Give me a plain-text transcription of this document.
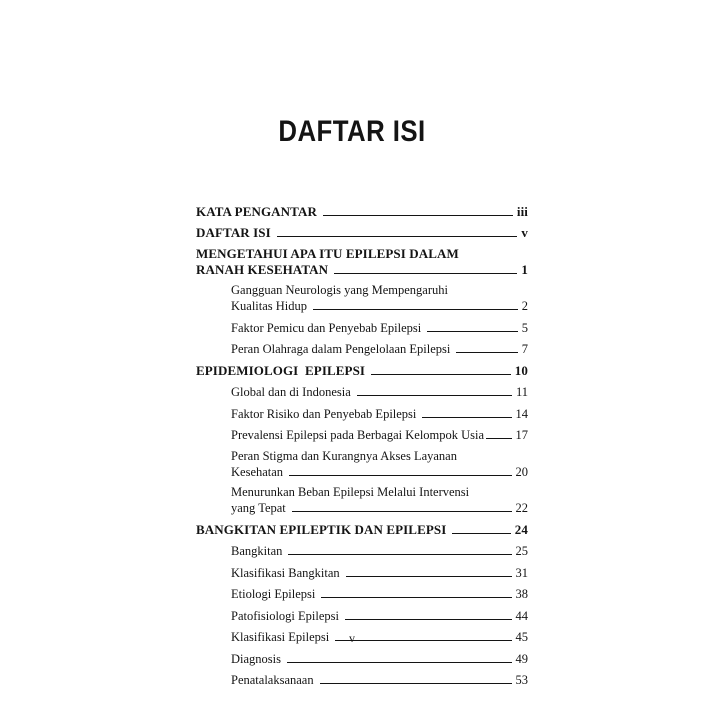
DAFTAR ISI
KATA PENGANTAR	iii
DAFTAR ISI	v
MENGETAHUI APA ITU EPILEPSI DALAM
RANAH KESEHATAN	1
Gangguan Neurologis yang Mempengaruhi
Kualitas Hidup	2
Faktor Pemicu dan Penyebab Epilepsi	5
Peran Olahraga dalam Pengelolaan Epilepsi	7
EPIDEMIOLOGI  EPILEPSI	10
Global dan di Indonesia	11
Faktor Risiko dan Penyebab Epilepsi	14
Prevalensi Epilepsi pada Berbagai Kelompok Usia	17
Peran Stigma dan Kurangnya Akses Layanan
Kesehatan	20
Menurunkan Beban Epilepsi Melalui Intervensi
yang Tepat	22
BANGKITAN EPILEPTIK DAN EPILEPSI	24
Bangkitan	25
Klasifikasi Bangkitan	31
Etiologi Epilepsi	38
Patofisiologi Epilepsi	44
Klasifikasi Epilepsi	45
Diagnosis	49
Penatalaksanaan	53
v
